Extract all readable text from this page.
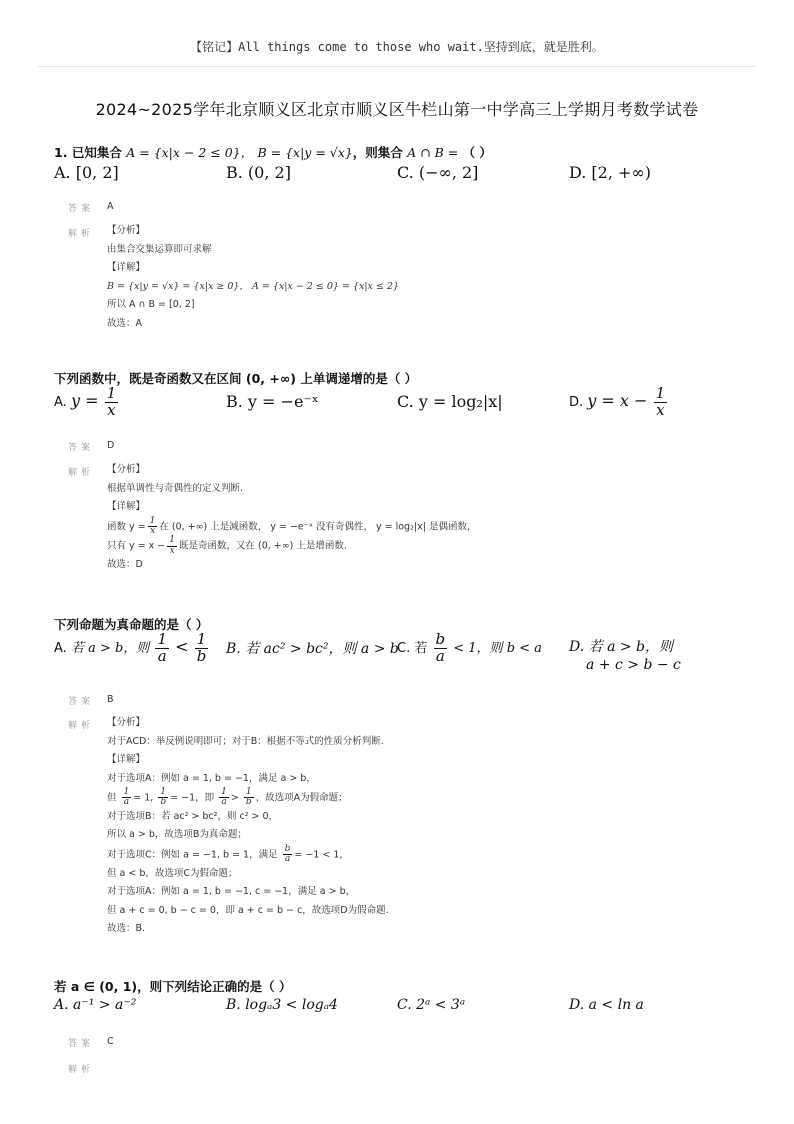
【铭记】All things come to those who wait.坚持到底，就是胜利。
2024~2025学年北京顺义区北京市顺义区牛栏山第一中学高三上学期月考数学试卷
1. 已知集合 A = {x|x − 2 ≤ 0}， B = {x|y = √x}，则集合 A ∩ B = （ ）
A. [0, 2]	B. (0, 2]	C. (−∞, 2]	D. [2, +∞)
答案 A
解析 【分析】
由集合交集运算即可求解
【详解】
B = {x|y = √x} = {x|x ≥ 0}， A = {x|x − 2 ≤ 0} = {x|x ≤ 2}
所以 A ∩ B = [0, 2]
故选：A
下列函数中，既是奇函数又在区间 (0, +∞) 上单调递增的是（ ）
A. $y = \frac{1}{x}$	B. y = −e⁻ˣ	C. y = log₂|x|	D. $y = x - \frac{1}{x}$
答案 D
解析 【分析】
根据单调性与奇偶性的定义判断.
【详解】
函数 $y = \frac{1}{x}$ 在 (0, +∞) 上是减函数， y = −e⁻ˣ 没有奇偶性， y = log₂|x| 是偶函数，
只有 $y = x - \frac{1}{x}$ 既是奇函数，又在 (0, +∞) 上是增函数.
故选：D
下列命题为真命题的是（ ）
A. 若 a > b，则 $\frac{1}{a} < \frac{1}{b} B$. 若 ac² > bc²，则 a > b
C. 若 $\frac{b}{a} < 1$，则 b < a D. 若 a > b，则
a + c > b − c
答案 B
解析 【分析】
对于ACD：举反例说明即可；对于B：根据不等式的性质分析判断.
【详解】
对于选项A：例如 a = 1, b = −1，满足 a > b，
但 $\frac{1}{a} = 1$, $\frac{1}{b} = -1$，即 $\frac{1}{a} > \frac{1}{b}$ ，故选项A为假命题；
对于选项B：若 ac² > bc²，则 c² > 0，
所以 a > b，故选项B为真命题；
对于选项C：例如 a = −1, b = 1，满足 $\frac{b}{a} = -1 < 1$，
但 a < b，故选项C为假命题；
对于选项A：例如 a = 1, b = −1, c = −1，满足 a > b，
但 a + c = 0, b − c = 0，即 a + c = b − c，故选项D为假命题.
故选：B.
若 a ∈ (0, 1)，则下列结论正确的是（ ）
A. a⁻¹ > a⁻²	B. logₐ3 < logₐ4	C. 2ᵃ < 3ᵃ	D. a < ln a
答案 C
解析
